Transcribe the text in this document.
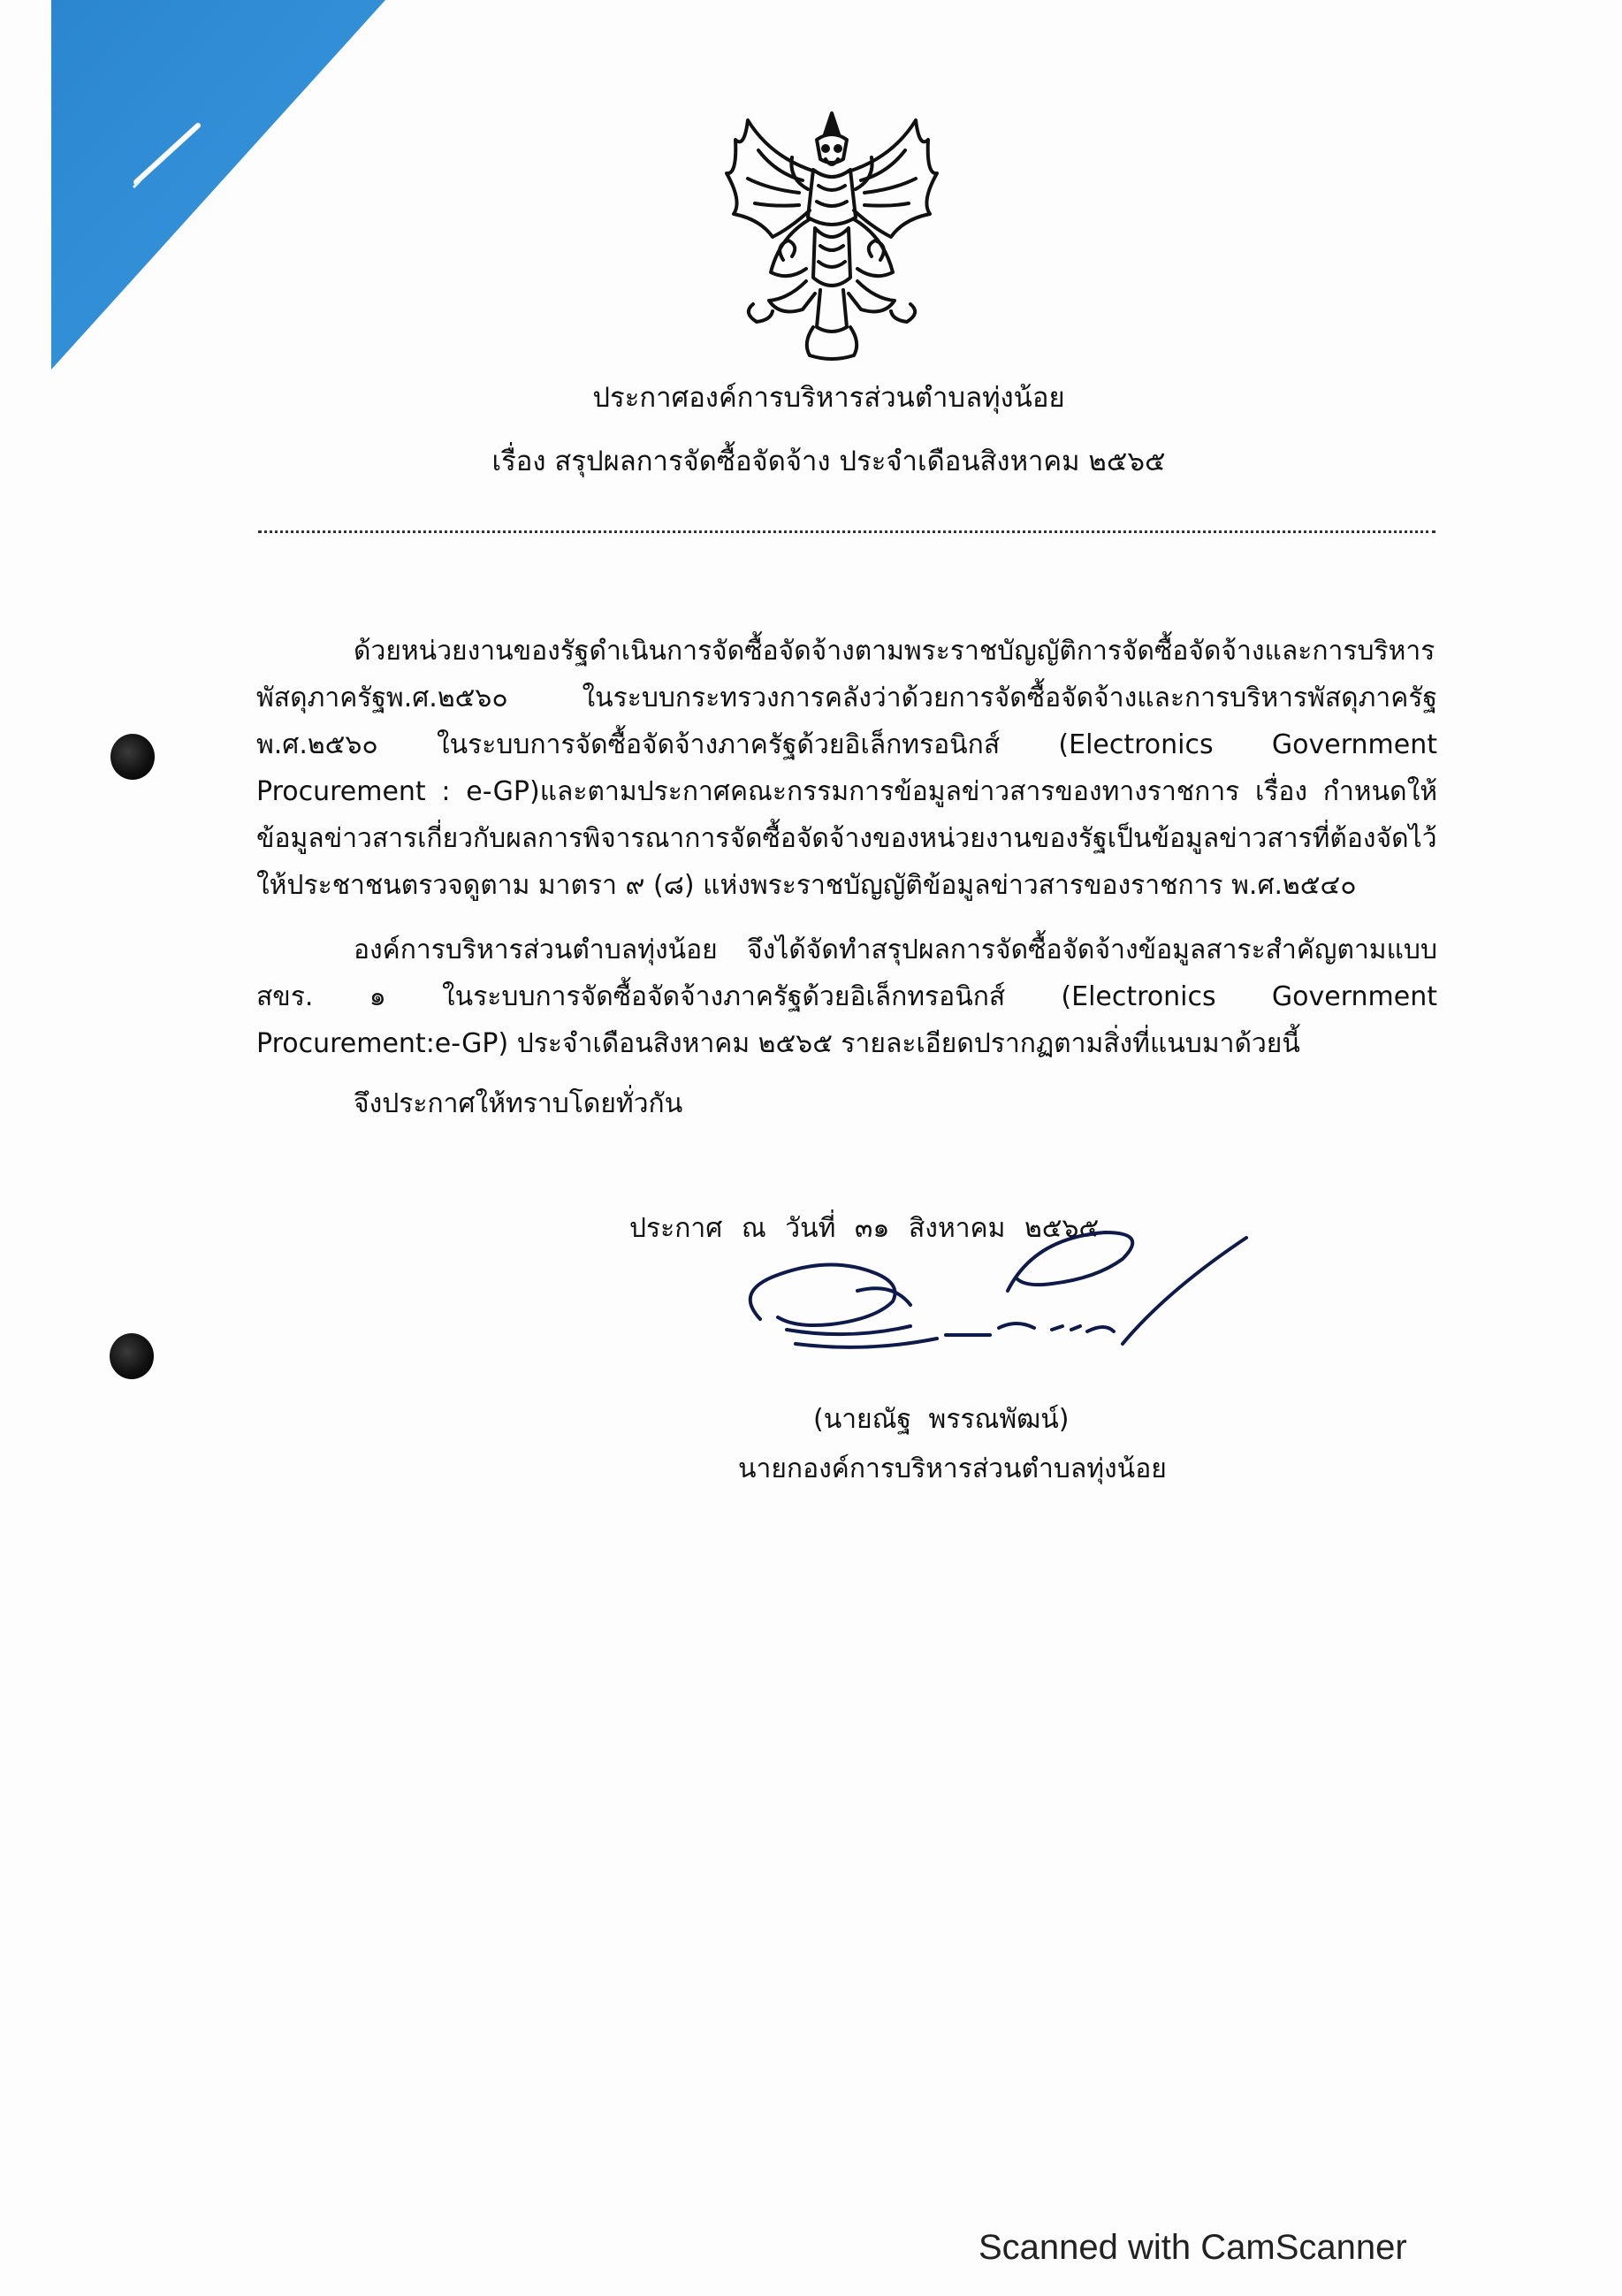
ประกาศองค์การบริหารส่วนตำบลทุ่งน้อย
เรื่อง สรุปผลการจัดซื้อจัดจ้าง ประจำเดือนสิงหาคม ๒๕๖๕

ด้วยหน่วยงานของรัฐดำเนินการจัดซื้อจัดจ้างตามพระราชบัญญัติการจัดซื้อจัดจ้างและการบริหารพัสดุภาครัฐพ.ศ.๒๕๖๐ ในระบบกระทรวงการคลังว่าด้วยการจัดซื้อจัดจ้างและการบริหารพัสดุภาครัฐ พ.ศ.๒๕๖๐ ในระบบการจัดซื้อจัดจ้างภาครัฐด้วยอิเล็กทรอนิกส์ (Electronics Government Procurement : e-GP)และตามประกาศคณะกรรมการข้อมูลข่าวสารของทางราชการ เรื่อง กำหนดให้ข้อมูลข่าวสารเกี่ยวกับผลการพิจารณาการจัดซื้อจัดจ้างของหน่วยงานของรัฐเป็นข้อมูลข่าวสารที่ต้องจัดไว้ให้ประชาชนตรวจดูตาม มาตรา ๙ (๘) แห่งพระราชบัญญัติข้อมูลข่าวสารของราชการ พ.ศ.๒๕๔๐

องค์การบริหารส่วนตำบลทุ่งน้อย จึงได้จัดทำสรุปผลการจัดซื้อจัดจ้างข้อมูลสาระสำคัญตามแบบ สขร. ๑ ในระบบการจัดซื้อจัดจ้างภาครัฐด้วยอิเล็กทรอนิกส์ (Electronics Government Procurement:e-GP) ประจำเดือนสิงหาคม ๒๕๖๕ รายละเอียดปรากฏตามสิ่งที่แนบมาด้วยนี้

จึงประกาศให้ทราบโดยทั่วกัน

ประกาศ ณ วันที่ ๓๑ สิงหาคม ๒๕๖๕
(นายณัฐ พรรณพัฒน์)
นายกองค์การบริหารส่วนตำบลทุ่งน้อย
Scanned with CamScanner
